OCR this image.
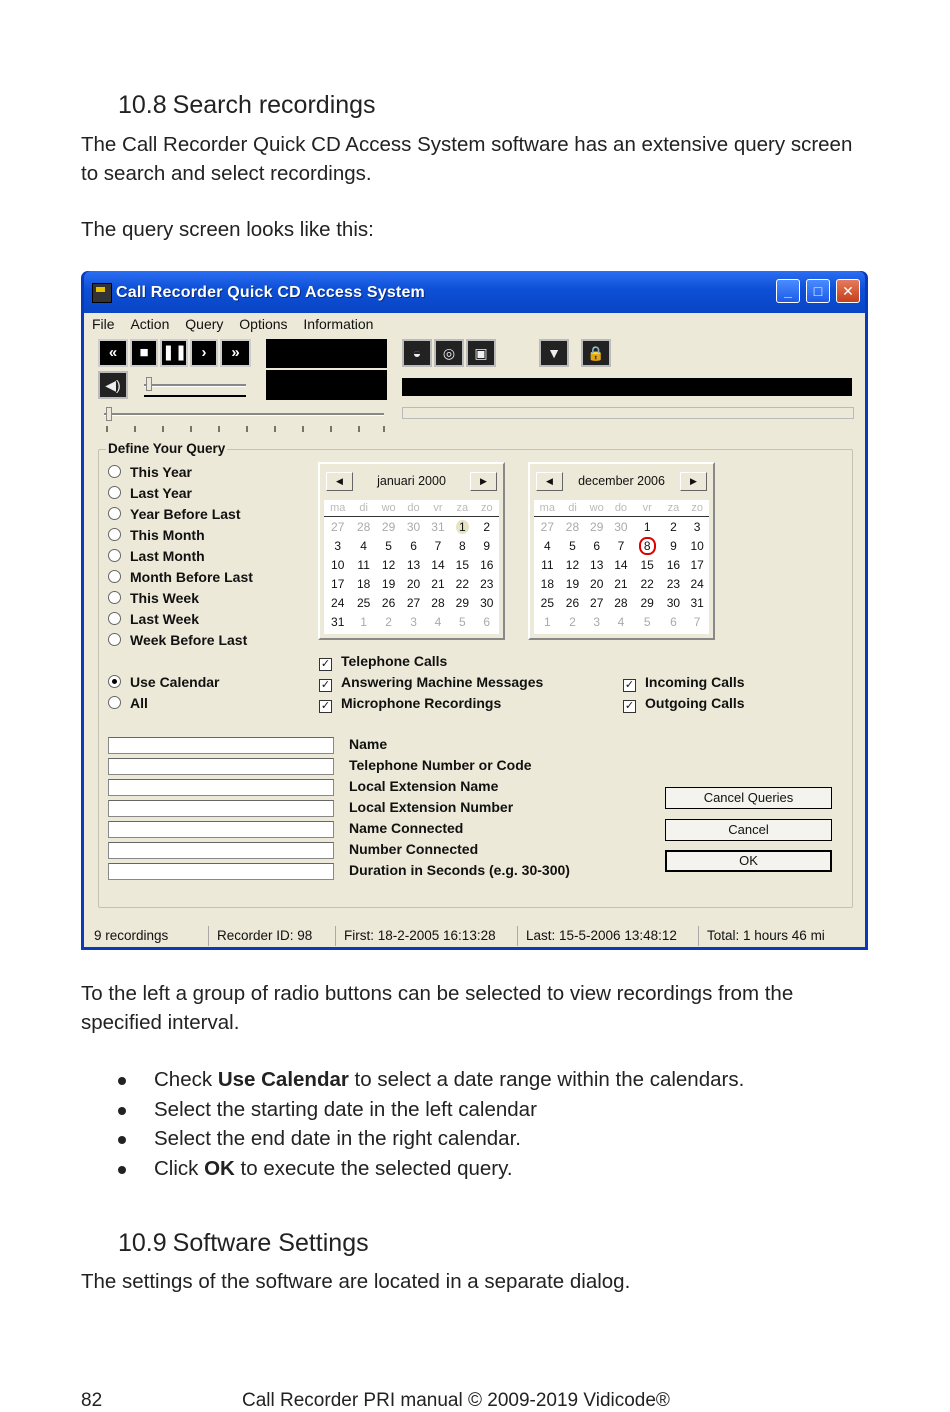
10.8 Search recordings
The Call Recorder Quick CD Access System software has an extensive query screen to search and select recordings.
The query screen looks like this:
Call Recorder Quick CD Access System	_	□	✕
File Action Query Options Information
«	■ ❚❚ ›	»
◀)
◒	◎	▣	▼	🔒
Define Your Query
This Year
Last Year
Year Before Last
This Month
Last Month
Month Before Last
This Week
Last Week
Week Before Last
Use Calendar
All
◀	januari 2000	▶
ma	di	wo	do	vr	za	zo
27	28	29	30	31	1	2
3	4	5	6	7	8	9
10	11	12	13	14	15	16
17	18	19	20	21	22	23
24	25	26	27	28	29	30
31	1	2	3	4	5	6
◀	december 2006	▶
ma	di	wo	do	vr	za	zo
27	28	29	30	1	2	3
4	5	6	7	8	9	10
11	12	13	14	15	16	17
18	19	20	21	22	23	24
25	26	27	28	29	30	31
1	2	3	4	5	6	7
✓ Telephone Calls
✓ Answering Machine Messages
✓ Microphone Recordings
✓ Incoming Calls
✓ Outgoing Calls
Name
Telephone Number or Code
Local Extension Name
Local Extension Number
Name Connected
Number Connected
Duration in Seconds (e.g. 30-300)
Cancel Queries
Cancel
OK
9 recordings	Recorder ID: 98	First: 18-2-2005 16:13:28	Last: 15-5-2006 13:48:12	Total: 1 hours 46 mi
To the left a group of radio buttons can be selected to view recordings from the specified interval.
Check Use Calendar to select a date range within the calendars.
Select the starting date in the left calendar
Select the end date in the right calendar.
Click OK to execute the selected query.
10.9 Software Settings
The settings of the software are located in a separate dialog.
82	Call Recorder PRI manual © 2009-2019 Vidicode®
